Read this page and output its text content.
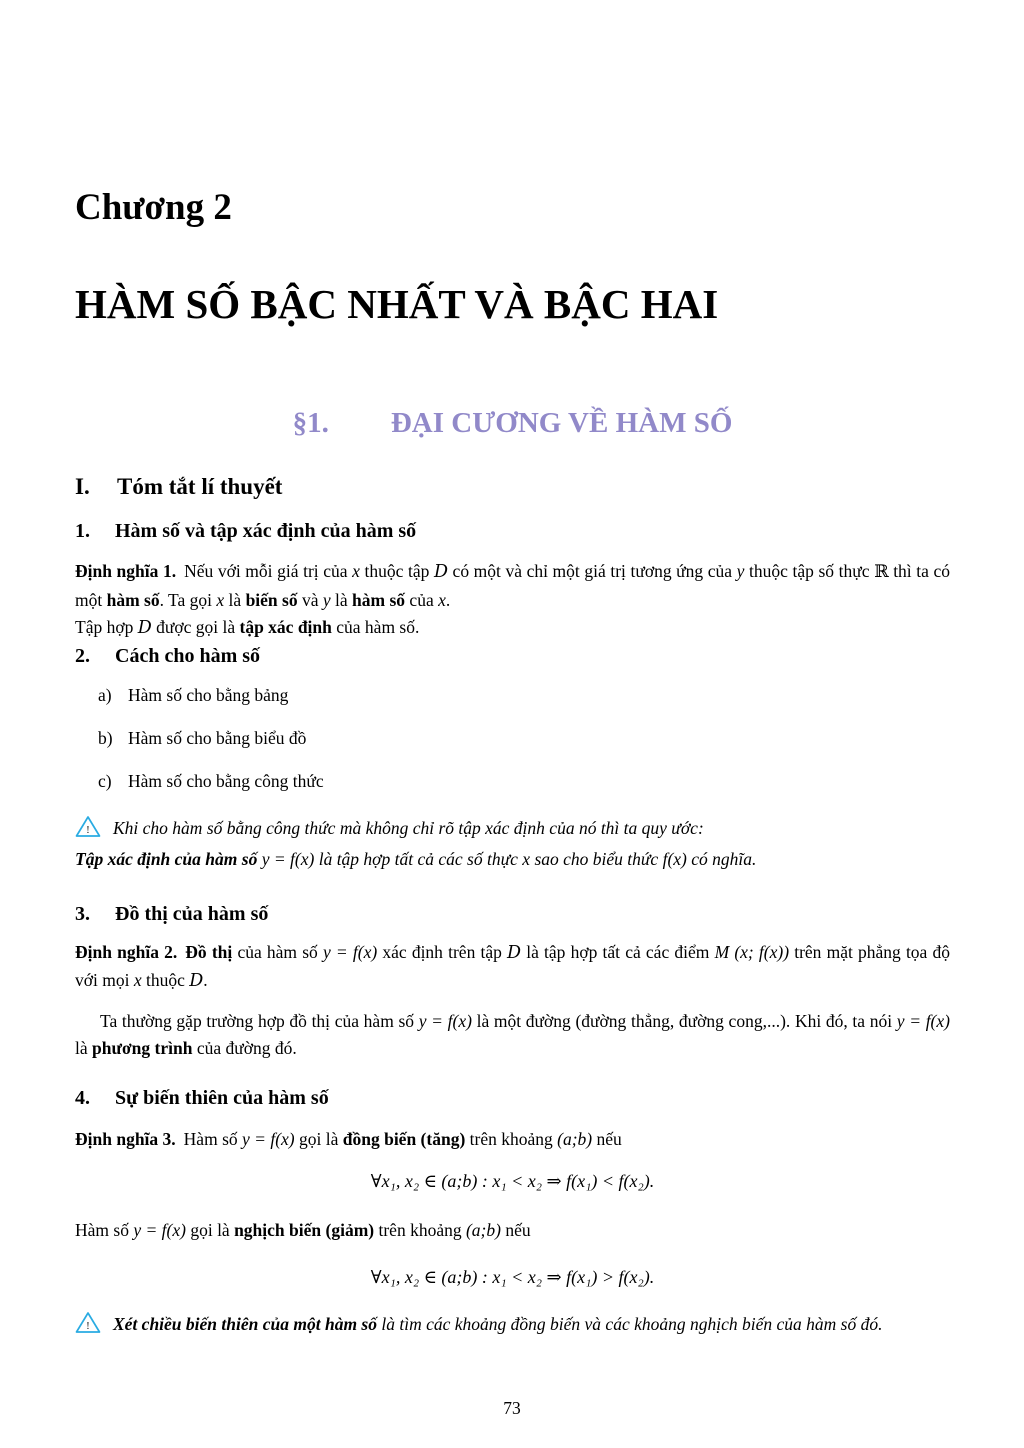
Chương 2
HÀM SỐ BẬC NHẤT VÀ BẬC HAI
§1. ĐẠI CƯƠNG VỀ HÀM SỐ
I. Tóm tắt lí thuyết
1. Hàm số và tập xác định của hàm số

Định nghĩa 1. Nếu với mỗi giá trị của x thuộc tập D có một và chỉ một giá trị tương ứng của y thuộc tập số thực ℝ thì ta có một hàm số. Ta gọi x là biến số và y là hàm số của x.

Tập hợp D được gọi là tập xác định của hàm số.

2. Cách cho hàm số
a) Hàm số cho bằng bảng
b) Hàm số cho bằng biểu đồ
c) Hàm số cho bằng công thức
! Khi cho hàm số bằng công thức mà không chỉ rõ tập xác định của nó thì ta quy ước:
Tập xác định của hàm số y = f(x) là tập hợp tất cả các số thực x sao cho biểu thức f(x) có nghĩa.
3. Đồ thị của hàm số

Định nghĩa 2. Đồ thị của hàm số y = f(x) xác định trên tập D là tập hợp tất cả các điểm M (x; f(x)) trên mặt phẳng tọa độ với mọi x thuộc D.

Ta thường gặp trường hợp đồ thị của hàm số y = f(x) là một đường (đường thẳng, đường cong,...). Khi đó, ta nói y = f(x) là phương trình của đường đó.

4. Sự biến thiên của hàm số

Định nghĩa 3. Hàm số y = f(x) gọi là đồng biến (tăng) trên khoảng (a;b) nếu

∀x₁, x₂ ∈ (a;b) : x₁ < x₂ ⇒ f(x₁) < f(x₂).

Hàm số y = f(x) gọi là nghịch biến (giảm) trên khoảng (a;b) nếu

∀x₁, x₂ ∈ (a;b) : x₁ < x₂ ⇒ f(x₁) > f(x₂).
! Xét chiều biến thiên của một hàm số là tìm các khoảng đồng biến và các khoảng nghịch biến của hàm số đó.
73
